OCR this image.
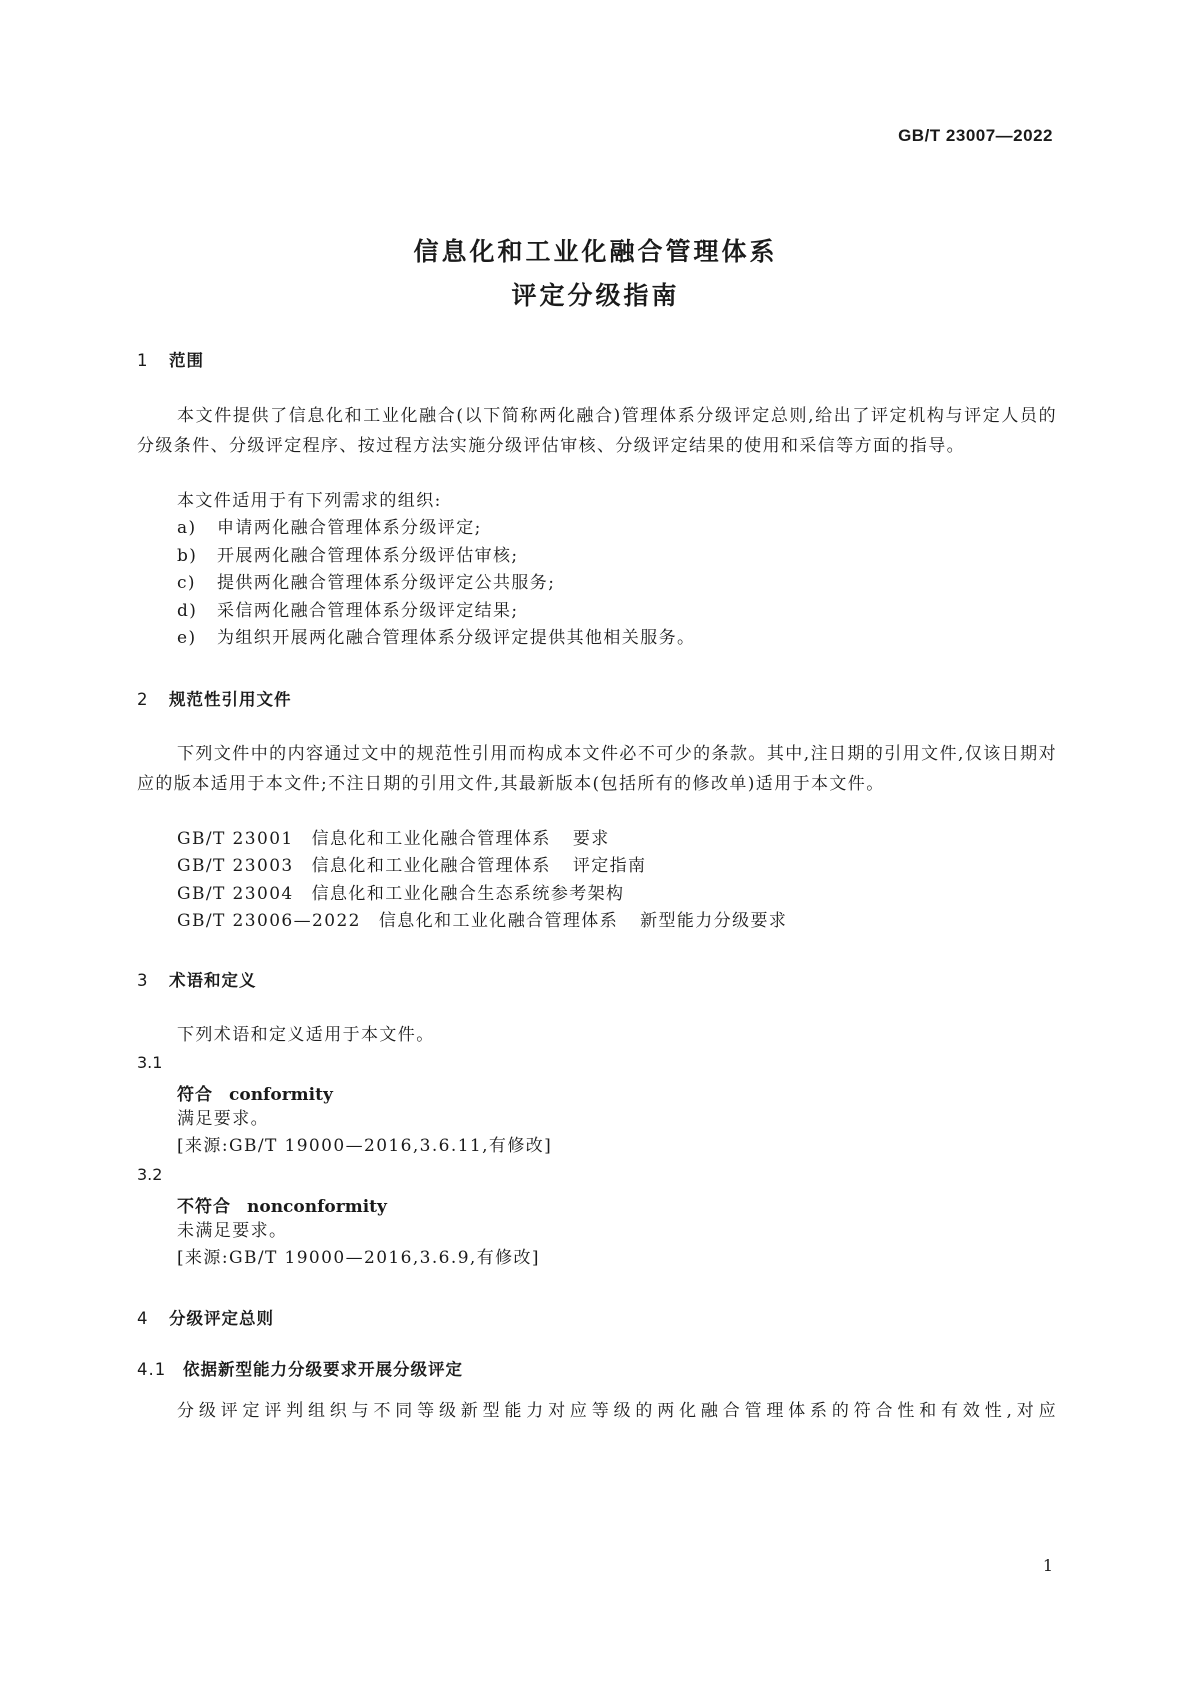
GB/T 23007—2022
信息化和工业化融合管理体系
评定分级指南
1 范围
本文件提供了信息化和工业化融合(以下简称两化融合)管理体系分级评定总则,给出了评定机构与评定人员的分级条件、分级评定程序、按过程方法实施分级评估审核、分级评定结果的使用和采信等方面的指导。
本文件适用于有下列需求的组织:
a) 申请两化融合管理体系分级评定;
b) 开展两化融合管理体系分级评估审核;
c) 提供两化融合管理体系分级评定公共服务;
d) 采信两化融合管理体系分级评定结果;
e) 为组织开展两化融合管理体系分级评定提供其他相关服务。
2 规范性引用文件
下列文件中的内容通过文中的规范性引用而构成本文件必不可少的条款。其中,注日期的引用文件,仅该日期对应的版本适用于本文件;不注日期的引用文件,其最新版本(包括所有的修改单)适用于本文件。
GB/T 23001 信息化和工业化融合管理体系 要求
GB/T 23003 信息化和工业化融合管理体系 评定指南
GB/T 23004 信息化和工业化融合生态系统参考架构
GB/T 23006—2022 信息化和工业化融合管理体系 新型能力分级要求
3 术语和定义
下列术语和定义适用于本文件。
3.1
符合 conformity
满足要求。
[来源:GB/T 19000—2016,3.6.11,有修改]
3.2
不符合 nonconformity
未满足要求。
[来源:GB/T 19000—2016,3.6.9,有修改]
4 分级评定总则
4.1 依据新型能力分级要求开展分级评定
分级评定评判组织与不同等级新型能力对应等级的两化融合管理体系的符合性和有效性,对应
1
